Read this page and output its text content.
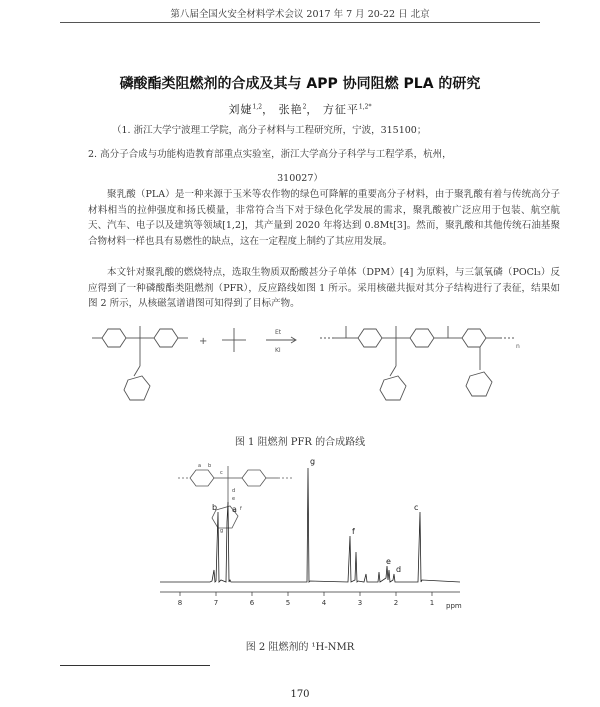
第八届全国火安全材料学术会议 2017 年 7 月 20-22 日 北京
磷酸酯类阻燃剂的合成及其与 APP 协同阻燃 PLA 的研究
刘婕$^{1,2}$， 张艳$^2$， 方征平$^{1,2*}$
（1. 浙江大学宁波理工学院，高分子材料与工程研究所，宁波，315100；
2. 高分子合成与功能构造教育部重点实验室，浙江大学高分子科学与工程学系，杭州，
310027）

聚乳酸（PLA）是一种来源于玉米等农作物的绿色可降解的重要高分子材料，由于聚乳酸有着与传统高分子材料相当的拉伸强度和扬氏模量，非常符合当下对于绿色化学发展的需求，聚乳酸被广泛应用于包装、航空航天、汽车、电子以及建筑等领域[1,2]，其产量到 2020 年将达到 0.8Mt[3]。然而，聚乳酸和其他传统石油基聚合物材料一样也具有易燃性的缺点，这在一定程度上制约了其应用发展。

本文针对聚乳酸的燃烧特点，选取生物质双酚酸甚分子单体（DPM）[4] 为原料，与三氯氧磷（POCl₃）反应得到了一种磷酸酯类阻燃剂（PFR），反应路线如图 1 所示。采用核磁共振对其分子结构进行了表征，结果如图 2 所示，从核磁氢谱谱图可知得到了目标产物。

+
Et
KI
n
图 1 阻燃剂 PFR 的合成路线
a b
c
d
e
f
g
b a
g
f
e
d
c
8	7	6	5	4	3	2	1 ppm
图 2 阻燃剂的 ¹H-NMR
170
